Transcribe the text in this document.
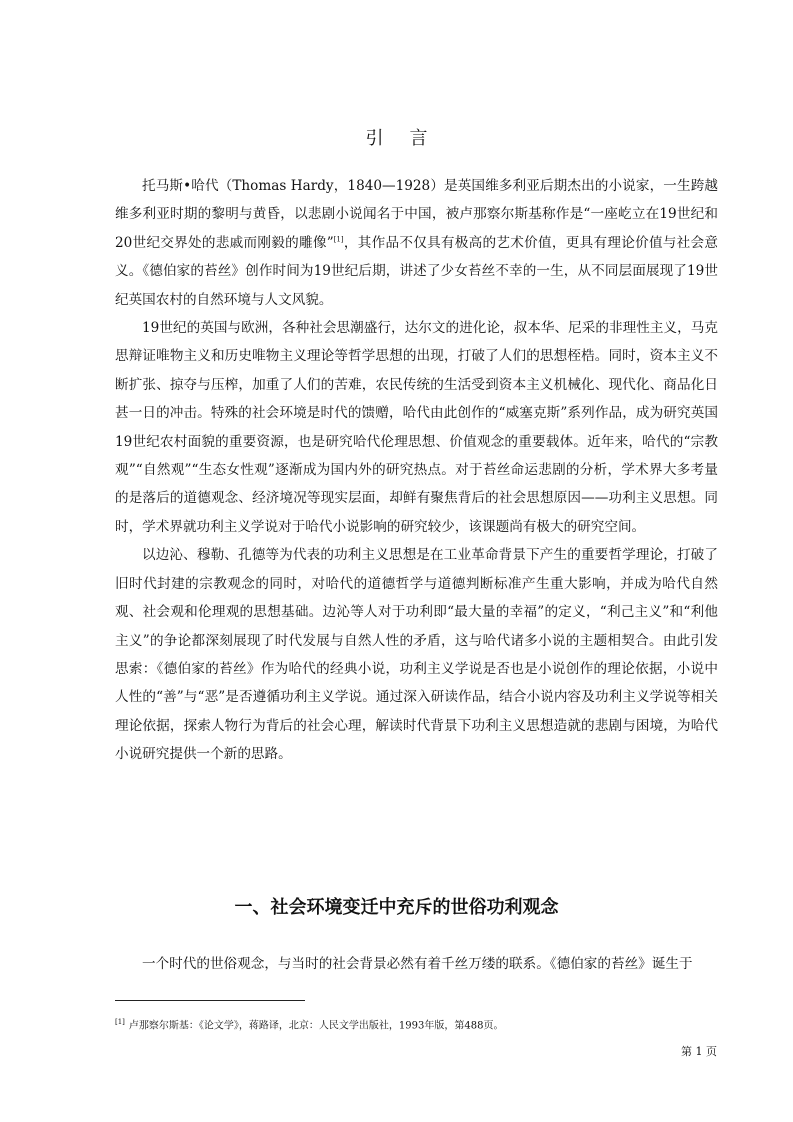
引言

托马斯•哈代（Thomas Hardy，1840—1928）是英国维多利亚后期杰出的小说家，一生跨越维多利亚时期的黎明与黄昏，以悲剧小说闻名于中国，被卢那察尔斯基称作是“一座屹立在19世纪和20世纪交界处的悲戚而刚毅的雕像”[1]，其作品不仅具有极高的艺术价值，更具有理论价值与社会意义。《德伯家的苔丝》创作时间为19世纪后期，讲述了少女苔丝不幸的一生，从不同层面展现了19世纪英国农村的自然环境与人文风貌。

19世纪的英国与欧洲，各种社会思潮盛行，达尔文的进化论，叔本华、尼采的非理性主义，马克思辩证唯物主义和历史唯物主义理论等哲学思想的出现，打破了人们的思想桎梏。同时，资本主义不断扩张、掠夺与压榨，加重了人们的苦难，农民传统的生活受到资本主义机械化、现代化、商品化日甚一日的冲击。特殊的社会环境是时代的馈赠，哈代由此创作的“威塞克斯”系列作品，成为研究英国19世纪农村面貌的重要资源，也是研究哈代伦理思想、价值观念的重要载体。近年来，哈代的“宗教观”“自然观”“生态女性观”逐渐成为国内外的研究热点。对于苔丝命运悲剧的分析，学术界大多考量的是落后的道德观念、经济境况等现实层面，却鲜有聚焦背后的社会思想原因——功利主义思想。同时，学术界就功利主义学说对于哈代小说影响的研究较少，该课题尚有极大的研究空间。

以边沁、穆勒、孔德等为代表的功利主义思想是在工业革命背景下产生的重要哲学理论，打破了旧时代封建的宗教观念的同时，对哈代的道德哲学与道德判断标准产生重大影响，并成为哈代自然观、社会观和伦理观的思想基础。边沁等人对于功利即“最大量的幸福”的定义，“利己主义”和“利他主义”的争论都深刻展现了时代发展与自然人性的矛盾，这与哈代诸多小说的主题相契合。由此引发思索：《德伯家的苔丝》作为哈代的经典小说，功利主义学说是否也是小说创作的理论依据，小说中人性的“善”与“恶”是否遵循功利主义学说。通过深入研读作品，结合小说内容及功利主义学说等相关理论依据，探索人物行为背后的社会心理，解读时代背景下功利主义思想造就的悲剧与困境，为哈代小说研究提供一个新的思路。

一、社会环境变迁中充斥的世俗功利观念

一个时代的世俗观念，与当时的社会背景必然有着千丝万缕的联系。《德伯家的苔丝》诞生于

[1] 卢那察尔斯基：《论文学》，蒋路译，北京：人民文学出版社，1993年版，第488页。
第 1 页
